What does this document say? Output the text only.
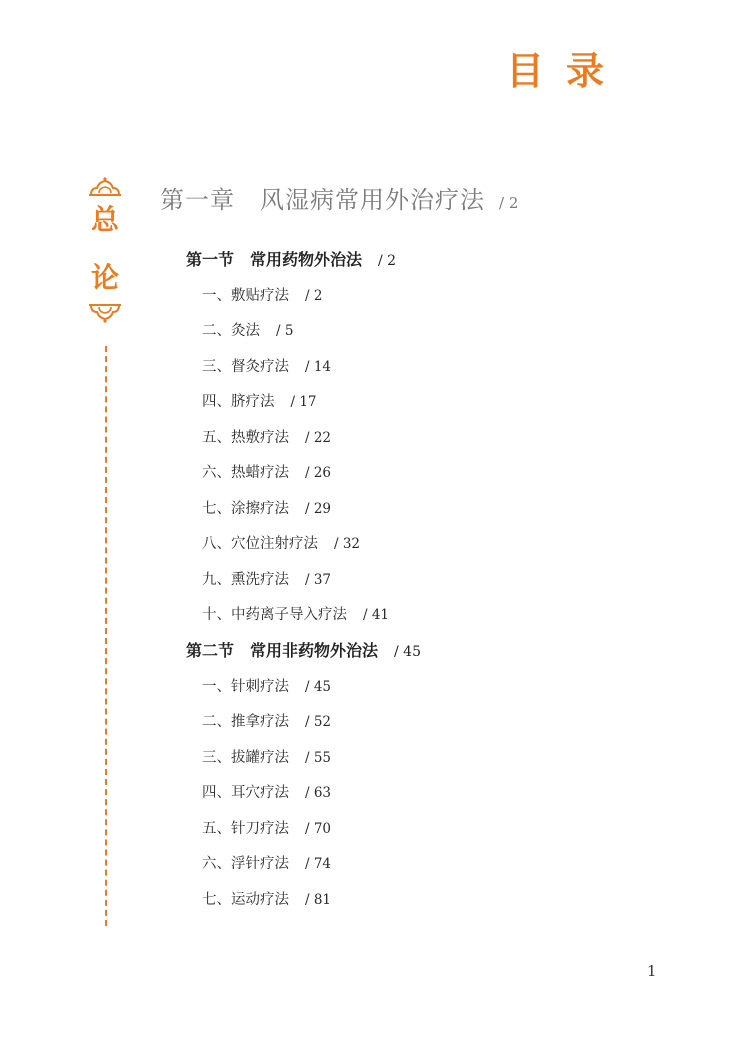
目录
总
论
第一章　风湿病常用外治疗法 / 2
第一节　常用药物外治法 / 2
一、敷贴疗法 / 2
二、灸法 / 5
三、督灸疗法 / 14
四、脐疗法 / 17
五、热敷疗法 / 22
六、热蜡疗法 / 26
七、涂擦疗法 / 29
八、穴位注射疗法 / 32
九、熏洗疗法 / 37
十、中药离子导入疗法 / 41
第二节　常用非药物外治法 / 45
一、针刺疗法 / 45
二、推拿疗法 / 52
三、拔罐疗法 / 55
四、耳穴疗法 / 63
五、针刀疗法 / 70
六、浮针疗法 / 74
七、运动疗法 / 81
1
